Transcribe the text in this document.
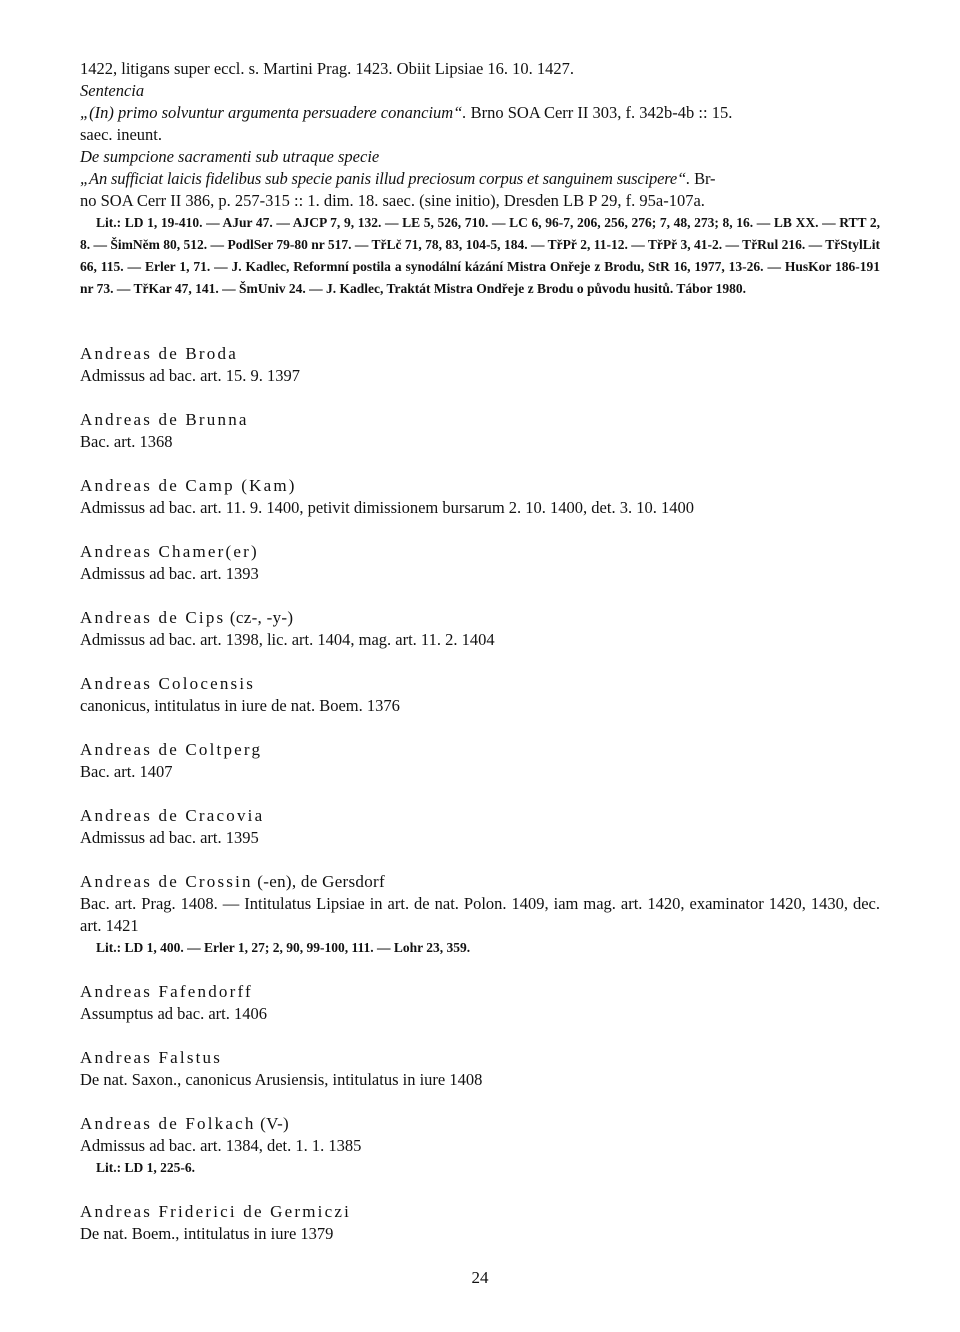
1422, litigans super eccl. s. Martini Prag. 1423. Obiit Lipsiae 16. 10. 1427.
Sentencia
„(In) primo solvuntur argumenta persuadere conancium“. Brno SOA Cerr II 303, f. 342b-4b :: 15.
saec. ineunt.
De sumpcione sacramenti sub utraque specie
„An sufficiat laicis fidelibus sub specie panis illud preciosum corpus et sanguinem suscipere“. Br-
no SOA Cerr II 386, p. 257-315 :: 1. dim. 18. saec. (sine initio), Dresden LB P 29, f. 95a-107a.
Lit.: LD 1, 19-410. — AJur 47. — AJCP 7, 9, 132. — LE 5, 526, 710. — LC 6, 96-7, 206, 256, 276; 7, 48, 273; 8, 16. — LB XX. — RTT 2, 8. — ŠimNěm 80, 512. — PodlSer 79-80 nr 517. — TřLč 71, 78, 83, 104-5, 184. — TřPř 2, 11-12. — TřPř 3, 41-2. — TřRul 216. — TřStylLit 66, 115. — Erler 1, 71. — J. Kadlec, Reformní postila a synodální kázání Mistra Onřeje z Brodu, StR 16, 1977, 13-26. — HusKor 186-191 nr 73. — TřKar 47, 141. — ŠmUniv 24. — J. Kadlec, Traktát Mistra Ondřeje z Brodu o původu husitů. Tábor 1980.
Andreas de Broda
Admissus ad bac. art. 15. 9. 1397
Andreas de Brunna
Bac. art. 1368
Andreas de Camp (Kam)
Admissus ad bac. art. 11. 9. 1400, petivit dimissionem bursarum 2. 10. 1400, det. 3. 10. 1400
Andreas Chamer(er)
Admissus ad bac. art. 1393
Andreas de Cips (cz-, -y-)
Admissus ad bac. art. 1398, lic. art. 1404, mag. art. 11. 2. 1404
Andreas Colocensis
canonicus, intitulatus in iure de nat. Boem. 1376
Andreas de Coltperg
Bac. art. 1407
Andreas de Cracovia
Admissus ad bac. art. 1395
Andreas de Crossin (-en), de Gersdorf
Bac. art. Prag. 1408. — Intitulatus Lipsiae in art. de nat. Polon. 1409, iam mag. art. 1420, examinator 1420, 1430, dec. art. 1421
Lit.: LD 1, 400. — Erler 1, 27; 2, 90, 99-100, 111. — Lohr 23, 359.
Andreas Fafendorff
Assumptus ad bac. art. 1406
Andreas Falstus
De nat. Saxon., canonicus Arusiensis, intitulatus in iure 1408
Andreas de Folkach (V-)
Admissus ad bac. art. 1384, det. 1. 1. 1385
Lit.: LD 1, 225-6.
Andreas Friderici de Germiczi
De nat. Boem., intitulatus in iure 1379
24
